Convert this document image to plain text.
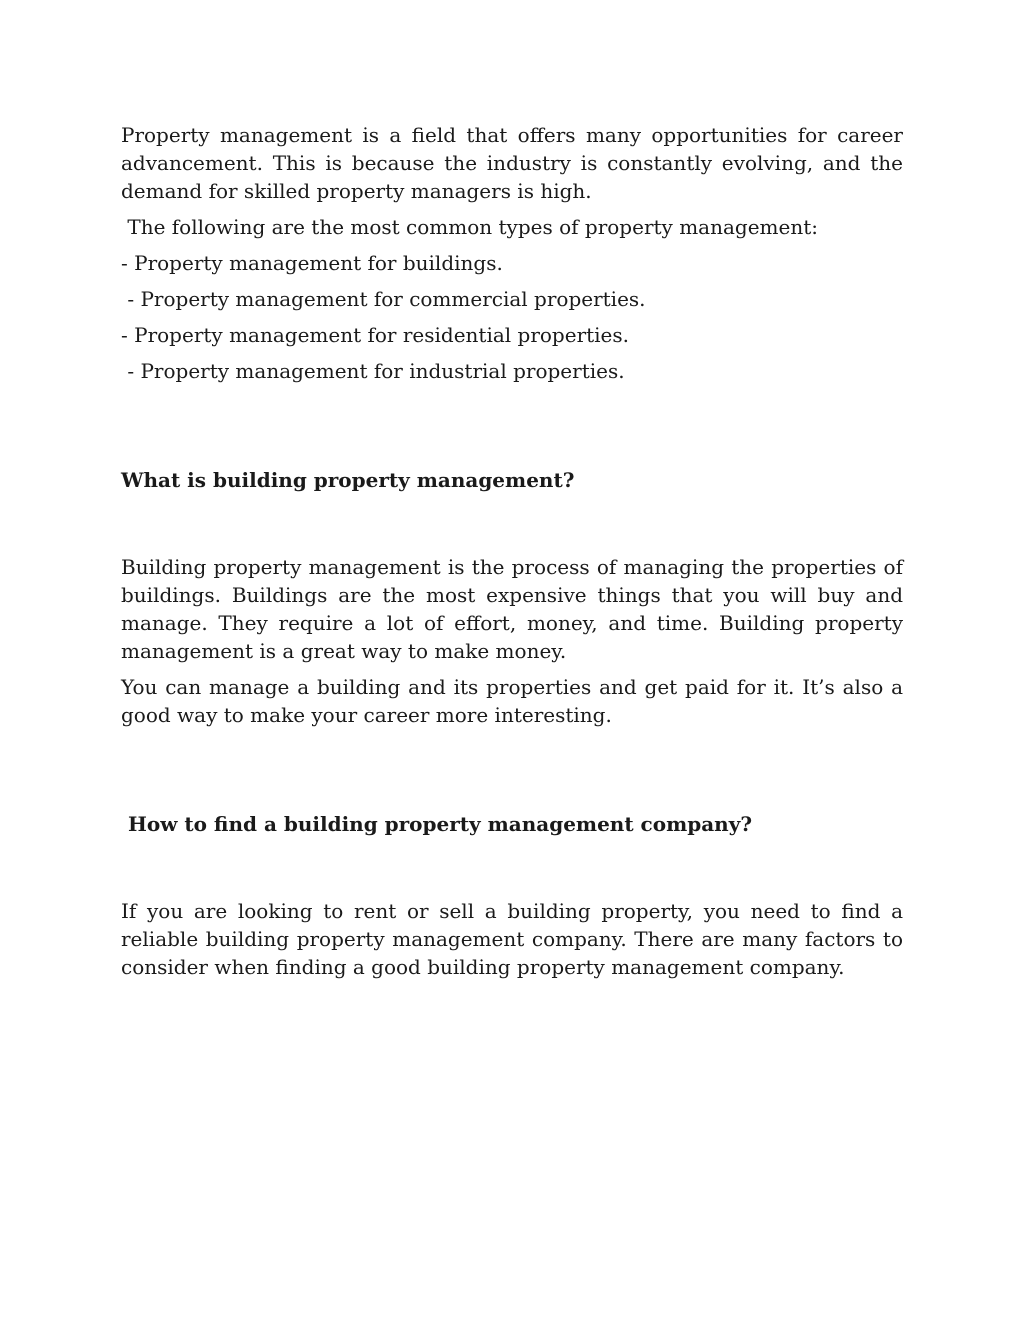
Property management is a field that offers many opportunities for career advancement. This is because the industry is constantly evolving, and the demand for skilled property managers is high.

The following are the most common types of property management:

- Property management for buildings.

- Property management for commercial properties.

- Property management for residential properties.

- Property management for industrial properties.

What is building property management?

Building property management is the process of managing the properties of buildings. Buildings are the most expensive things that you will buy and manage. They require a lot of effort, money, and time. Building property management is a great way to make money.

You can manage a building and its properties and get paid for it. It’s also a good way to make your career more interesting.

How to find a building property management company?

If you are looking to rent or sell a building property, you need to find a reliable building property management company. There are many factors to consider when finding a good building property management company.
